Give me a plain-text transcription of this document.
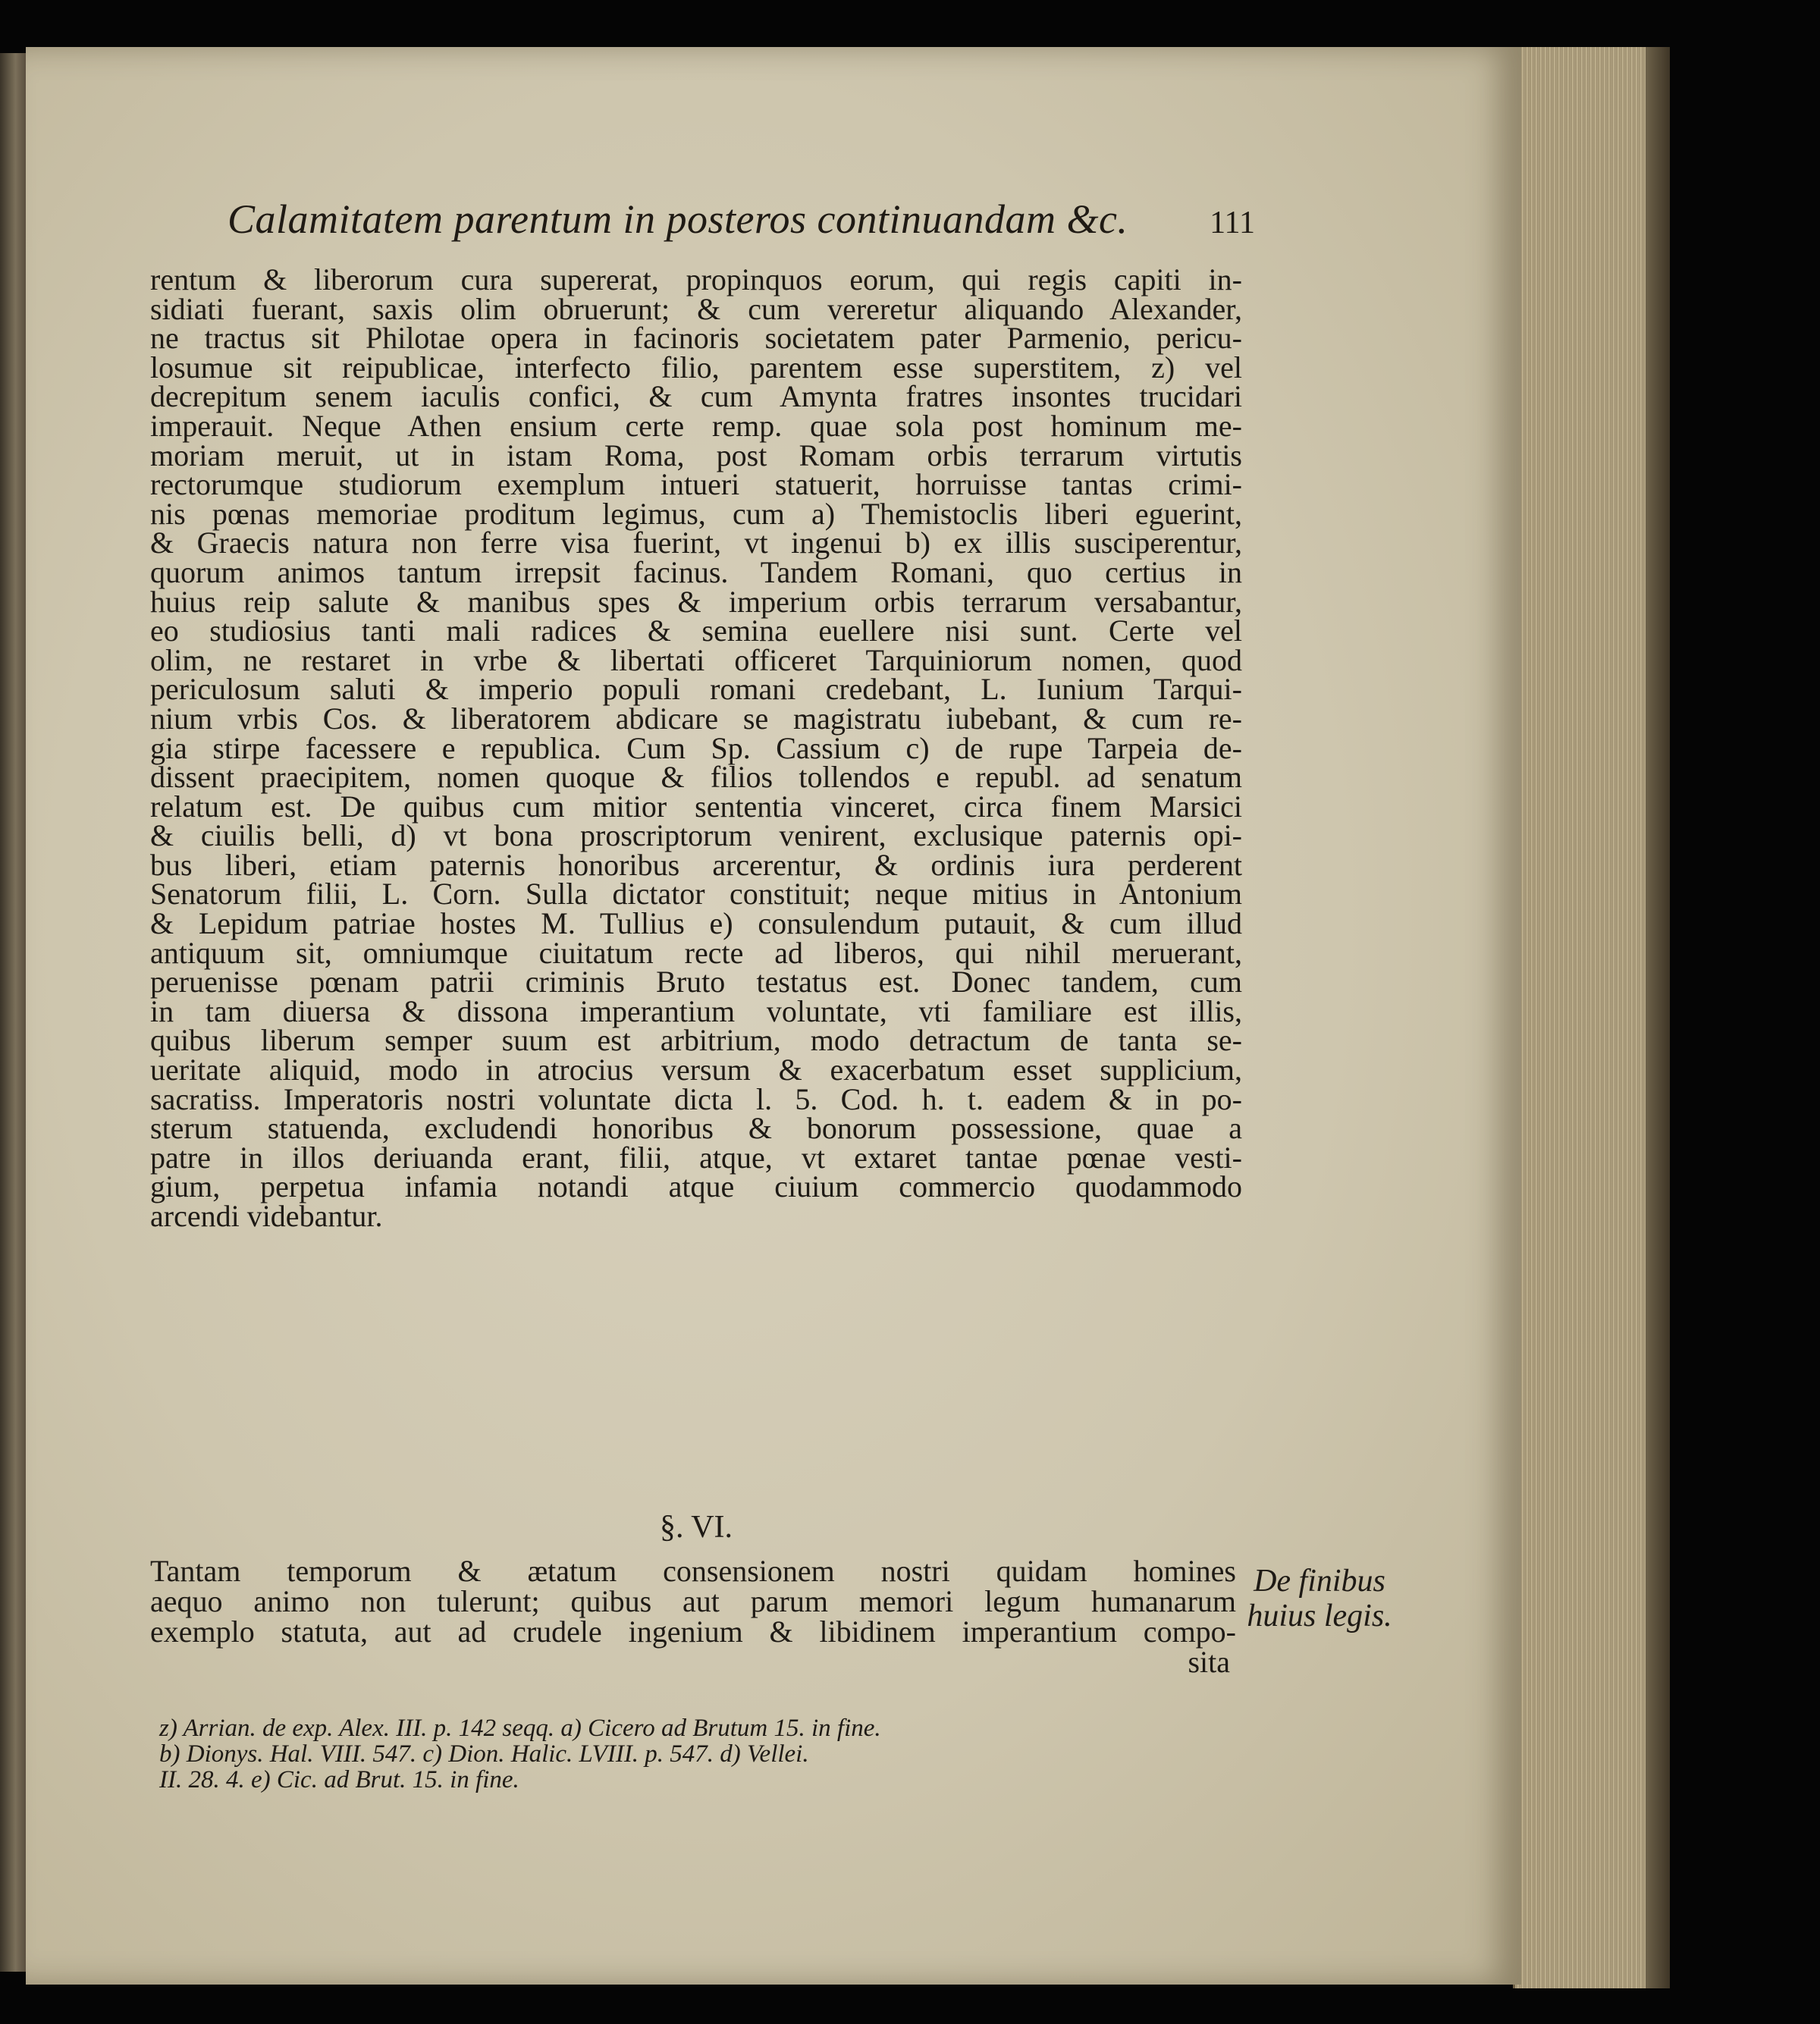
Calamitatem parentum in posteros continuandam &c.	111
rentum & liberorum cura supererat, propinquos eorum, qui regis capiti in-
sidiati fuerant, saxis olim obruerunt; & cum vereretur aliquando Alexander,
ne tractus sit Philotae opera in facinoris societatem pater Parmenio, pericu-
losumue sit reipublicae, interfecto filio, parentem esse superstitem, z) vel
decrepitum senem iaculis confici, & cum Amynta fratres insontes trucidari
imperauit. Neque Athen ensium certe remp. quae sola post hominum me-
moriam meruit, ut in istam Roma, post Romam orbis terrarum virtutis
rectorumque studiorum exemplum intueri statuerit, horruisse tantas crimi-
nis pœnas memoriae proditum legimus, cum a) Themistoclis liberi eguerint,
& Graecis natura non ferre visa fuerint, vt ingenui b) ex illis susciperentur,
quorum animos tantum irrepsit facinus. Tandem Romani, quo certius in
huius reip salute & manibus spes & imperium orbis terrarum versabantur,
eo studiosius tanti mali radices & semina euellere nisi sunt. Certe vel
olim, ne restaret in vrbe & libertati officeret Tarquiniorum nomen, quod
periculosum saluti & imperio populi romani credebant, L. Iunium Tarqui-
nium vrbis Cos. & liberatorem abdicare se magistratu iubebant, & cum re-
gia stirpe facessere e republica. Cum Sp. Cassium c) de rupe Tarpeia de-
dissent praecipitem, nomen quoque & filios tollendos e republ. ad senatum
relatum est. De quibus cum mitior sententia vinceret, circa finem Marsici
& ciuilis belli, d) vt bona proscriptorum venirent, exclusique paternis opi-
bus liberi, etiam paternis honoribus arcerentur, & ordinis iura perderent
Senatorum filii, L. Corn. Sulla dictator constituit; neque mitius in Antonium
& Lepidum patriae hostes M. Tullius e) consulendum putauit, & cum illud
antiquum sit, omniumque ciuitatum recte ad liberos, qui nihil meruerant,
peruenisse pœnam patrii criminis Bruto testatus est. Donec tandem, cum
in tam diuersa & dissona imperantium voluntate, vti familiare est illis,
quibus liberum semper suum est arbitrium, modo detractum de tanta se-
ueritate aliquid, modo in atrocius versum & exacerbatum esset supplicium,
sacratiss. Imperatoris nostri voluntate dicta l. 5. Cod. h. t. eadem & in po-
sterum statuenda, excludendi honoribus & bonorum possessione, quae a
patre in illos deriuanda erant, filii, atque, vt extaret tantae pœnae vesti-
gium, perpetua infamia notandi atque ciuium commercio quodammodo
arcendi videbantur.
§. VI.
Tantam temporum & ætatum consensionem nostri quidam homines
aequo animo non tulerunt; quibus aut parum memori legum humanarum
exemplo statuta, aut ad crudele ingenium & libidinem imperantium compo-
sita
De finibus
huius legis.
z) Arrian. de exp. Alex. III. p. 142 seqq. a) Cicero ad Brutum 15. in fine.
b) Dionys. Hal. VIII. 547. c) Dion. Halic. LVIII. p. 547. d) Vellei.
II. 28. 4. e) Cic. ad Brut. 15. in fine.
